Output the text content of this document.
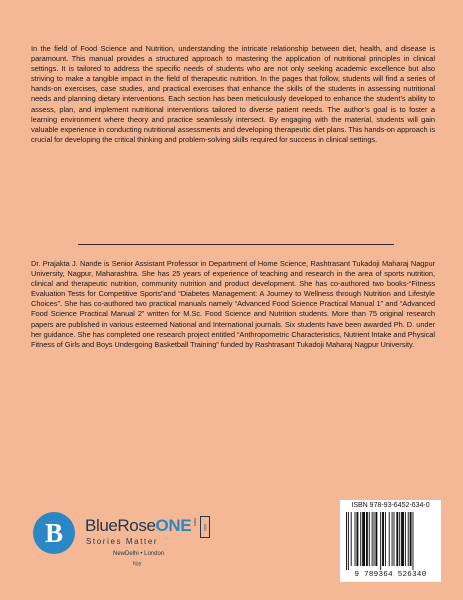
In the field of Food Science and Nutrition, understanding the intricate relationship between diet, health, and disease is paramount. This manual provides a structured approach to mastering the application of nutritional principles in clinical settings. It is tailored to address the specific needs of students who are not only seeking academic excellence but also striving to make a tangible impact in the field of therapeutic nutrition. In the pages that follow, students will find a series of hands-on exercises, case studies, and practical exercises that enhance the skills of the students in assessing nutritional needs and planning dietary interventions. Each section has been meticulously developed to enhance the student’s ability to assess, plan, and implement nutritional interventions tailored to diverse patient needs. The author’s goal is to foster a learning environment where theory and practice seamlessly intersect. By engaging with the material, students will gain valuable experience in conducting nutritional assessments and developing therapeutic diet plans. This hands-on approach is crucial for developing the critical thinking and problem-solving skills required for success in clinical settings.

Dr. Prajakta J. Nande is Senior Assistant Professor in Department of Home Science, Rashtrasant Tukadoji Maharaj Nagpur University, Nagpur, Maharashtra. She has 25 years of experience of teaching and research in the area of sports nutrition, clinical and therapeutic nutrition, community nutrition and product development. She has co-authored two books-“Fitness Evaluation Tests for Competitive Sports”and “Diabetes Management: A Journey to Wellness through Nutrition and Lifestyle Choices”. She has co-authored two practical manuals namely “Advanced Food Science Practical Manual 1” and “Advanced Food Science Practical Manual 2” written for M.Sc. Food Science and Nutrition students. More than 75 original research papers are published in various esteemed National and International journals. Six students have been awarded Ph. D. under her guidance. She has completed one research project entitled “Anthropometric Characteristics, Nutrient Intake and Physical Fitness of Girls and Boys Undergoing Basketball Training” funded by Rashtrasant Tukadoji Maharaj Nagpur University.

B BlueRoseONE .com
ISO
Stories Matter
NewDelhi • London
f◎y
ISBN 978-93-6452-634-0
9 789364 526340
